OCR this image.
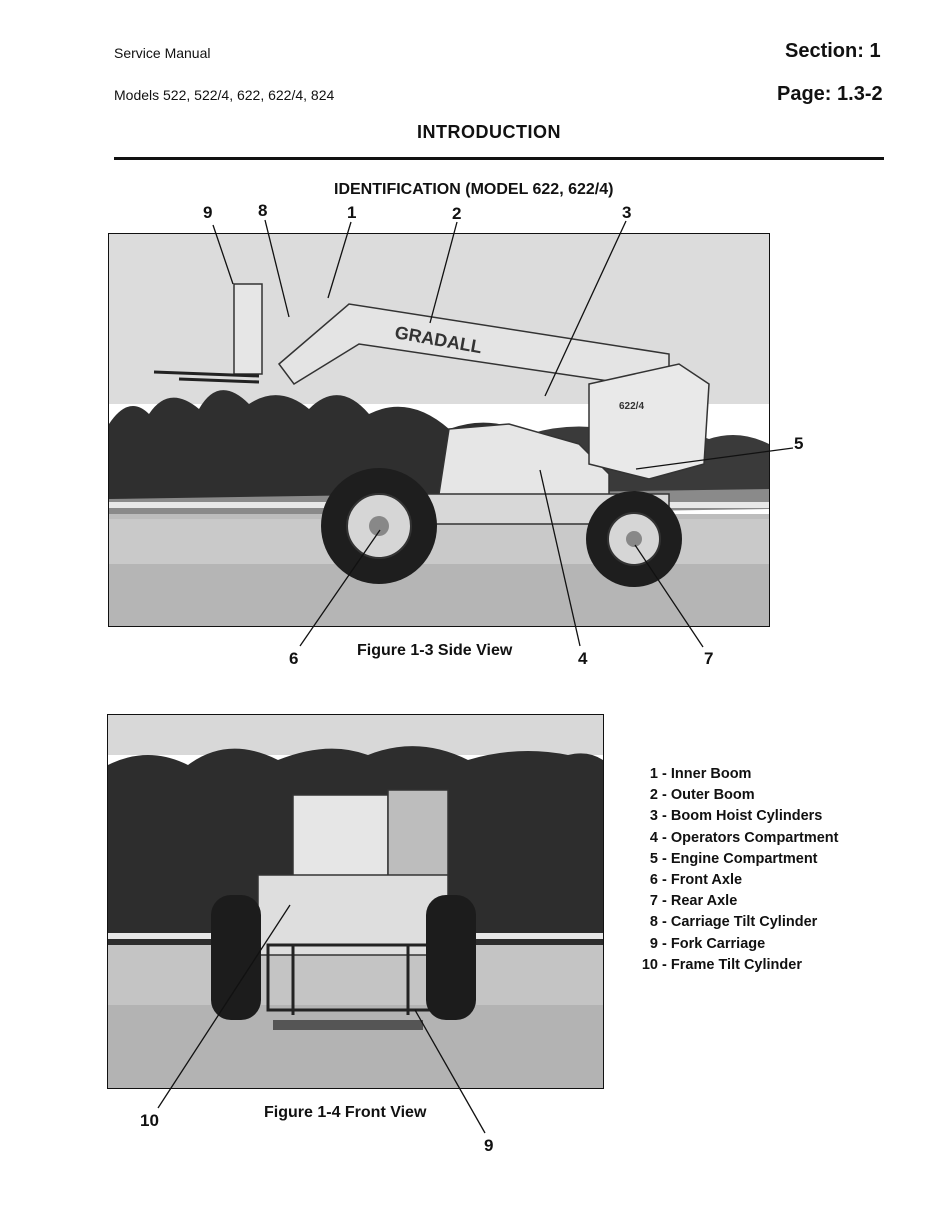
Service Manual
Models 522, 522/4, 622, 622/4, 824
Section: 1
Page: 1.3-2
INTRODUCTION
IDENTIFICATION (MODEL 622, 622/4)
GRADALL
622/4
9	8	1	2	3
5
6	4	7
Figure 1-3 Side View
10
9
Figure 1-4 Front View
1 - Inner Boom
2 - Outer Boom
3 - Boom Hoist Cylinders
4 - Operators Compartment
5 - Engine Compartment
6 - Front Axle
7 - Rear Axle
8 - Carriage Tilt Cylinder
9 - Fork Carriage
10 - Frame Tilt Cylinder
